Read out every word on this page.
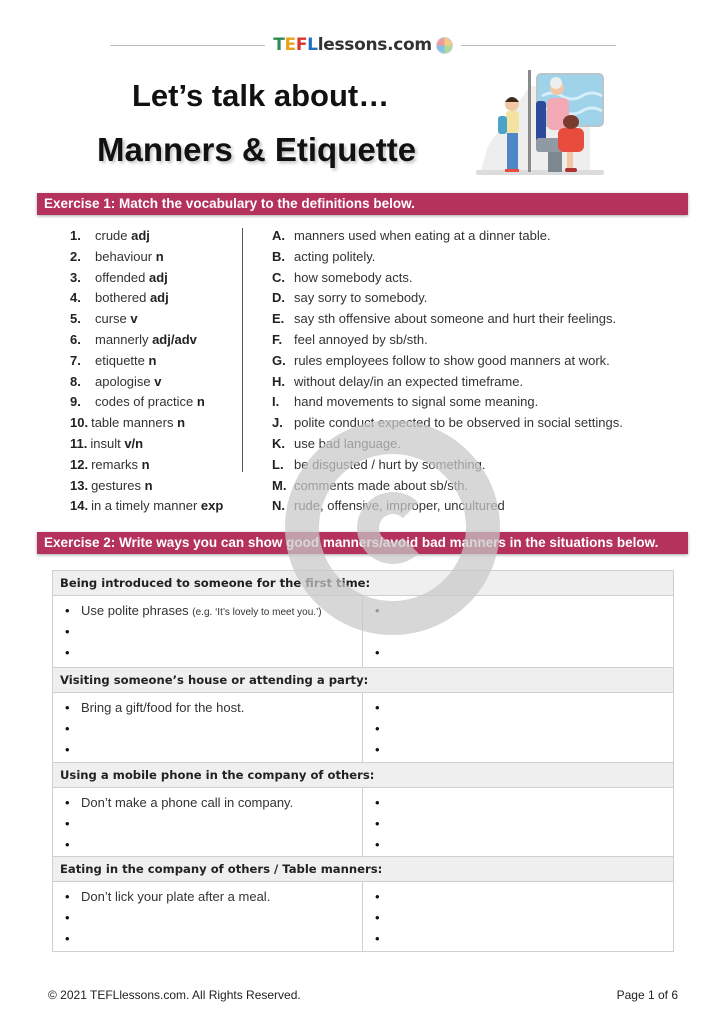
T E F L lessons.com
Let’s talk about…
Manners & Etiquette
Exercise 1: Match the vocabulary to the definitions below.
1. crude adj
2. behaviour n
3. offended adj
4. bothered adj
5. curse v
6. mannerly adj/adv
7. etiquette n
8. apologise v
9. codes of practice n
10. table manners n
11. insult v/n
12. remarks n
13. gestures n
14. in a timely manner exp
A. manners used when eating at a dinner table.
B. acting politely.
C. how somebody acts.
D. say sorry to somebody.
E. say sth offensive about someone and hurt their feelings.
F. feel annoyed by sb/sth.
G. rules employees follow to show good manners at work.
H. without delay/in an expected timeframe.
I. hand movements to signal some meaning.
J. polite conduct expected to be observed in social settings.
K. use bad language.
L. be disgusted / hurt by something.
M. comments made about sb/sth.
N. rude, offensive, improper, uncultured
Exercise 2: Write ways you can show good manners/avoid bad manners in the situations below.
Being introduced to someone for the first time:
• Use polite phrases (e.g. ‘It’s lovely to meet you.’)
•
•
•
•
Visiting someone’s house or attending a party:
• Bring a gift/food for the host.
•
•
•
•
•
Using a mobile phone in the company of others:
• Don’t make a phone call in company.
•
•
•
•
•
Eating in the company of others / Table manners:
• Don’t lick your plate after a meal.
•
•
•
•
•
© 2021 TEFLlessons.com. All Rights Reserved.	Page 1 of 6
